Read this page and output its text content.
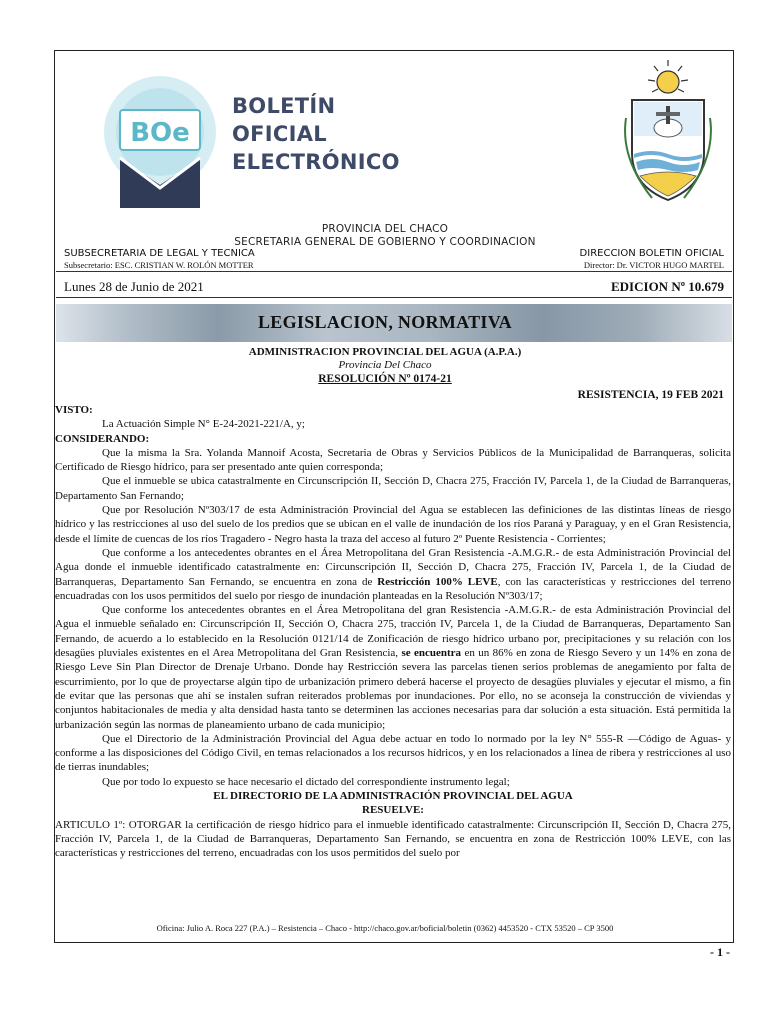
BOe
BOLETÍN
OFICIAL
ELECTRÓNICO
PROVINCIA DEL CHACO
SECRETARIA GENERAL DE GOBIERNO Y COORDINACION
SUBSECRETARIA DE LEGAL Y TECNICA
Subsecretario: ESC. CRISTIAN W. ROLÓN MOTTER
DIRECCION BOLETIN OFICIAL
Director: Dr. VICTOR HUGO MARTEL
Lunes 28 de Junio de 2021	EDICION Nº 10.679
LEGISLACION, NORMATIVA
ADMINISTRACION PROVINCIAL DEL AGUA (A.P.A.)
Provincia Del Chaco
RESOLUCIÓN Nº 0174-21
RESISTENCIA, 19 FEB 2021

VISTO:

La Actuación Simple N° E-24-2021-221/A, y;

CONSIDERANDO:

Que la misma la Sra. Yolanda Mannoif Acosta, Secretaria de Obras y Servicios Públicos de la Municipalidad de Barranqueras, solicita Certificado de Riesgo hídrico, para ser presentado ante quien corresponda;

Que el inmueble se ubica catastralmente en Circunscripción II, Sección D, Chacra 275, Fracción IV, Parcela 1, de la Ciudad de Barranqueras, Departamento San Fernando;

Que por Resolución Nº303/17 de esta Administración Provincial del Agua se establecen las definiciones de las distintas líneas de riesgo hídrico y las restricciones al uso del suelo de los predios que se ubican en el valle de inundación de los ríos Paraná y Paraguay, y en el Gran Resistencia, desde el límite de cuencas de los ríos Tragadero - Negro hasta la traza del acceso al futuro 2º Puente Resistencia - Corrientes;

Que conforme a los antecedentes obrantes en el Área Metropolitana del Gran Resistencia -A.M.G.R.- de esta Administración Provincial del Agua donde el inmueble identificado catastralmente en: Circunscripción II, Sección D, Chacra 275, Fracción IV, Parcela 1, de la Ciudad de Barranqueras, Departamento San Fernando, se encuentra en zona de Restricción 100% LEVE, con las características y restricciones del terreno encuadradas con los usos permitidos del suelo por riesgo de inundación planteadas en la Resolución Nº303/17;

Que conforme los antecedentes obrantes en el Área Metropolitana del gran Resistencia -A.M.G.R.- de esta Administración Provincial del Agua el inmueble señalado en: Circunscripción II, Sección O, Chacra 275, tracción IV, Parcela 1, de la Ciudad de Barranqueras, Departamento San Fernando, de acuerdo a lo establecido en la Resolución 0121/14 de Zonificación de riesgo hídrico urbano por, precipitaciones y su relación con los desagües pluviales existentes en el Area Metropolitana del Gran Resistencia, se encuentra en un 86% en zona de Riesgo Severo y un 14% en zona de Riesgo Leve Sin Plan Director de Drenaje Urbano. Donde hay Restricción severa las parcelas tienen serios problemas de anegamiento por falta de escurrimiento, por lo que de proyectarse algún tipo de urbanización primero deberá hacerse el proyecto de desagües pluviales y ejecutar el mismo, a fin de evitar que las personas que ahí se instalen sufran reiterados problemas por inundaciones. Por ello, no se aconseja la construcción de viviendas y conjuntos habitacionales de media y alta densidad hasta tanto se determinen las acciones necesarias para dar solución a esta situación. Está permitida la urbanización según las normas de planeamiento urbano de cada municipio;

Que el Directorio de la Administración Provincial del Agua debe actuar en todo lo normado por la ley N° 555-R —Código de Aguas- y conforme a las disposiciones del Código Civil, en temas relacionados a los recursos hídricos, y en los relacionados a línea de ribera y restricciones al uso de tierras inundables;

Que por todo lo expuesto se hace necesario el dictado del correspondiente instrumento legal;

EL DIRECTORIO DE LA ADMINISTRACIÓN PROVINCIAL DEL AGUA

RESUELVE:

ARTICULO 1º: OTORGAR la certificación de riesgo hídrico para el inmueble identificado catastralmente: Circunscripción II, Sección D, Chacra 275, Fracción IV, Parcela 1, de la Ciudad de Barranqueras, Departamento San Fernando, se encuentra en zona de Restricción 100% LEVE, con las características y restricciones del terreno, encuadradas con los usos permitidos del suelo por

Oficina: Julio A. Roca 227 (P.A.) – Resistencia – Chaco - http://chaco.gov.ar/boficial/boletin (0362) 4453520 - CTX 53520 – CP 3500
- 1 -
